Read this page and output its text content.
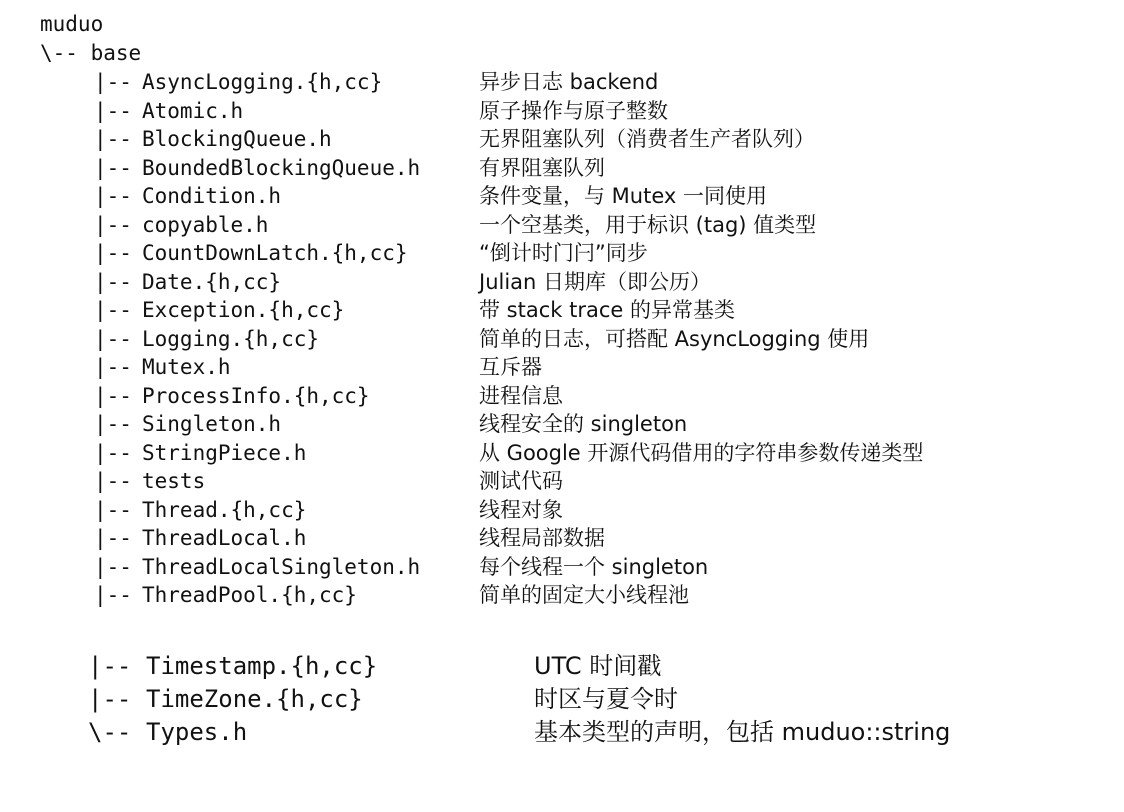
muduo
\-- base
|-- AsyncLogging.{h,cc}	异步日志 backend
|-- Atomic.h	原子操作与原子整数
|-- BlockingQueue.h	无界阻塞队列（消费者生产者队列）
|-- BoundedBlockingQueue.h	有界阻塞队列
|-- Condition.h	条件变量，与 Mutex 一同使用
|-- copyable.h	一个空基类，用于标识 (tag) 值类型
|-- CountDownLatch.{h,cc}	“倒计时门闩”同步
|-- Date.{h,cc}	Julian 日期库（即公历）
|-- Exception.{h,cc}	带 stack trace 的异常基类
|-- Logging.{h,cc}	简单的日志，可搭配 AsyncLogging 使用
|-- Mutex.h	互斥器
|-- ProcessInfo.{h,cc}	进程信息
|-- Singleton.h	线程安全的 singleton
|-- StringPiece.h	从 Google 开源代码借用的字符串参数传递类型
|-- tests	测试代码
|-- Thread.{h,cc}	线程对象
|-- ThreadLocal.h	线程局部数据
|-- ThreadLocalSingleton.h	每个线程一个 singleton
|-- ThreadPool.{h,cc}	简单的固定大小线程池
|-- Timestamp.{h,cc}	UTC 时间戳
|-- TimeZone.{h,cc}	时区与夏令时
\-- Types.h	基本类型的声明，包括 muduo::string
